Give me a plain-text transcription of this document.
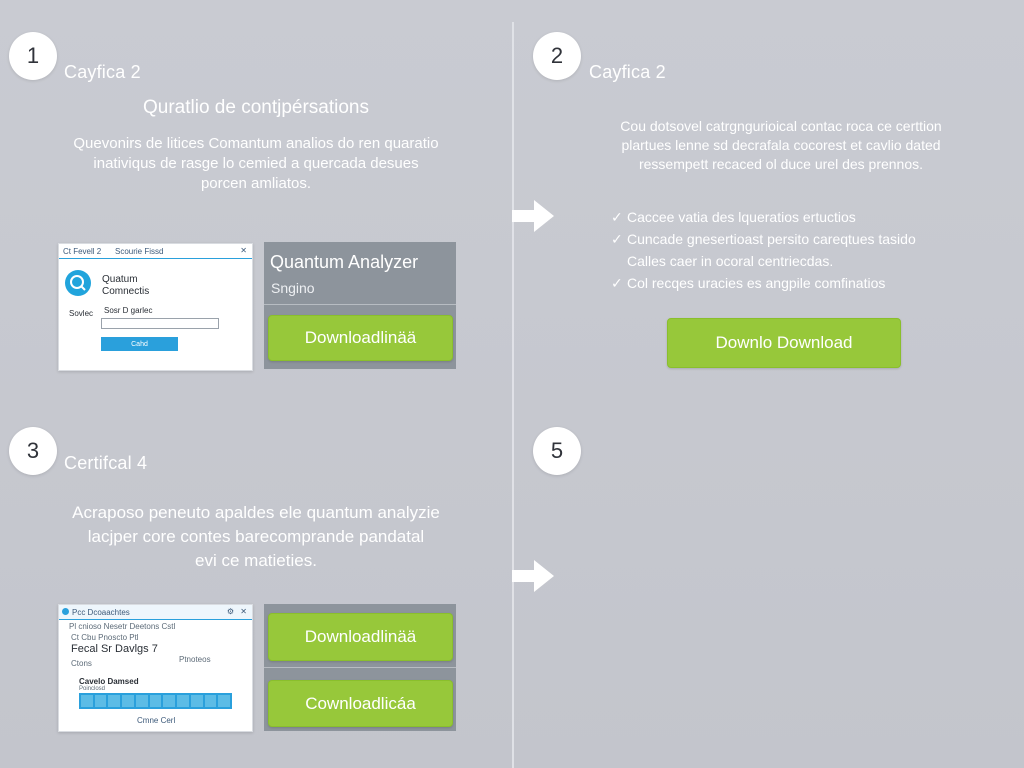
1
Cayfica 2
Quratlio de contjpérsations

Quevonirs de litices Comantum analios do ren quaratio

inativiqus de rasge lo cemied a quercada desues

porcen amliatos.

Ct Fevell 2 Scourie Fissd	✕
Quatum
Comnectis
Sovlec Sosr D garlec
Cahd
Quantum Analyzer
Sngino
Downloadlinää
2
Cayfica 2

Cou dotsovel catrgngurioical contac roca ce certtion

plartues lenne sd decrafala cocorest et cavlio dated

ressempett recaced ol duce urel des prennos.

✓ Caccee vatia des lqueratios ertuctios
✓ Cuncade gnesertioast persito careqtues tasido
Calles caer in ocoral centriecdas.
✓ Col recqes uracies es angpile comfinatios
Downlo Download
3	Certifcal 4

Acraposo peneuto apaldes ele quantum analyzie

lacjper core contes barecomprande pandatal

evi ce matieties.

Pcc Dcoaachtes	⚙ ✕
Pl cnioso Nesetr Deetons Cstl
Ct Cbu Pnoscto Ptl
Fecal Sr Davlgs 7
Ptnoteos
Ctons
Cavelo Damsed
Poinclosd
Cmne Cerl
Downloadlinää
Cownloadlicáa
5
